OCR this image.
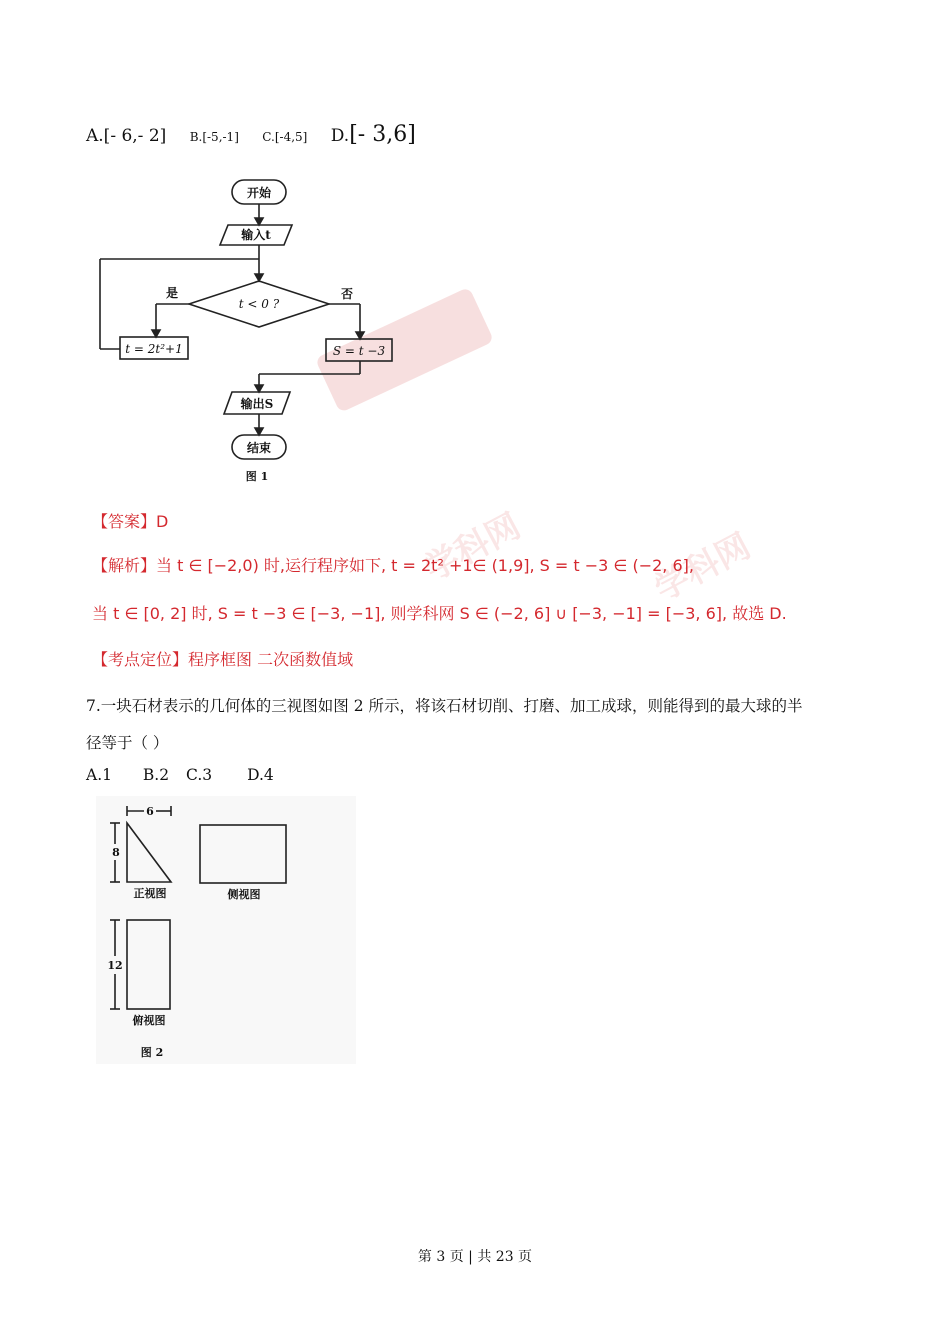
A.[- 6,- 2] B.[-5,-1] C.[-4,5] D.[- 3,6]
开始
输入t
t < 0 ?
是	否
t = 2t²+1	S = t −3
输出S
结束
图 1
学科网	学科网
【答案】D
【解析】当 t ∈ [−2,0) 时,运行程序如下, t = 2t² +1∈ (1,9], S = t −3 ∈ (−2, 6],
当 t ∈ [0, 2] 时, S = t −3 ∈ [−3, −1], 则学科网 S ∈ (−2, 6] ∪ [−3, −1] = [−3, 6], 故选 D.
【考点定位】程序框图 二次函数值域
7.一块石材表示的几何体的三视图如图 2 所示，将该石材切削、打磨、加工成球，则能得到的最大球的半
径等于（ ）
A.1 B.2 C.3 D.4
6
8
12
正视图	侧视图
俯视图
图 2
第 3 页 | 共 23 页
